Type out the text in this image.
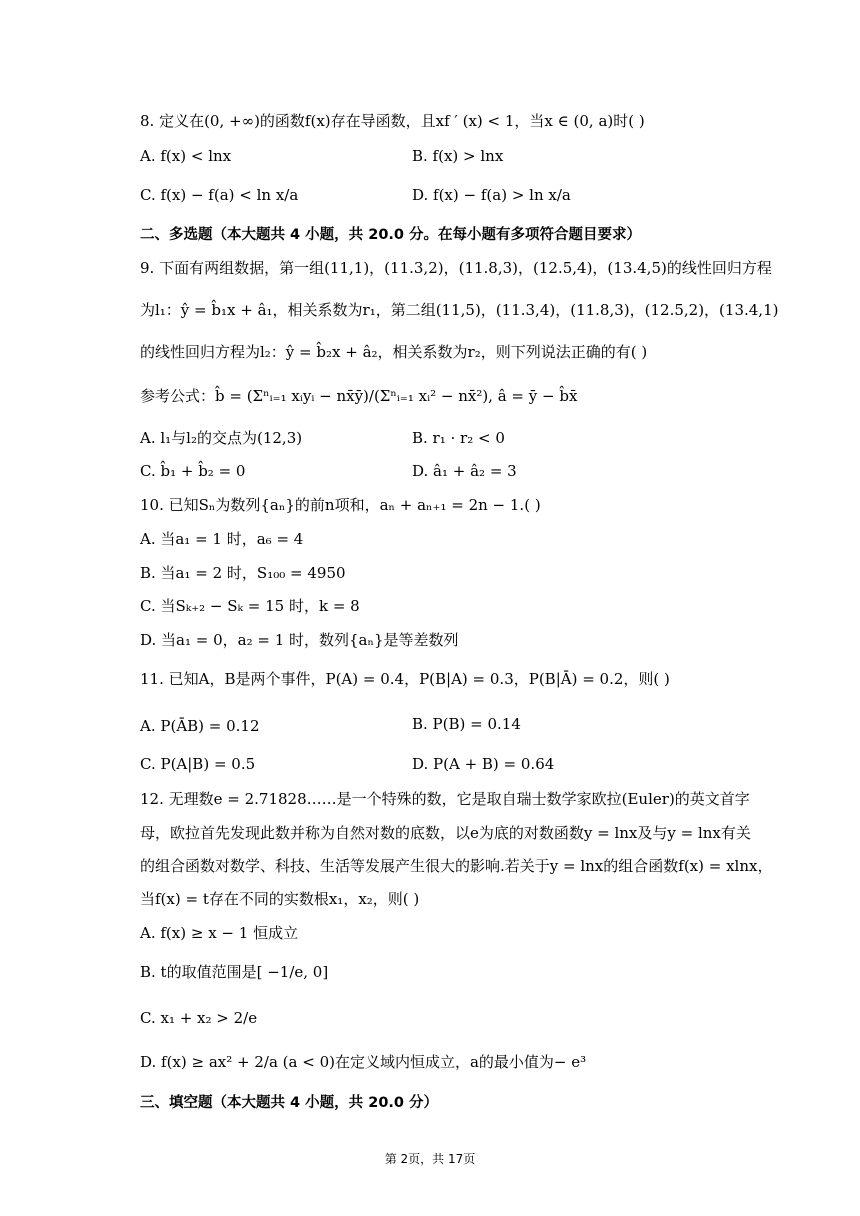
8. 定义在(0, +∞)的函数f(x)存在导函数，且xf ′ (x) < 1，当x ∈ (0, a)时( )
A. f(x) < lnx	B. f(x) > lnx
C. f(x) − f(a) < ln x/a	D. f(x) − f(a) > ln x/a
二、多选题（本大题共 4 小题，共 20.0 分。在每小题有多项符合题目要求）
9. 下面有两组数据，第一组(11,1)，(11.3,2)，(11.8,3)，(12.5,4)，(13.4,5)的线性回归方程
为l₁：ŷ = b̂₁x + â₁，相关系数为r₁，第二组(11,5)，(11.3,4)，(11.8,3)，(12.5,2)，(13.4,1)
的线性回归方程为l₂：ŷ = b̂₂x + â₂，相关系数为r₂，则下列说法正确的有( )
参考公式：b̂ = (Σⁿᵢ₌₁ xᵢyᵢ − nx̄ȳ)/(Σⁿᵢ₌₁ xᵢ² − nx̄²), â = ȳ − b̂x̄
A. l₁与l₂的交点为(12,3)	B. r₁ · r₂ < 0
C. b̂₁ + b̂₂ = 0	D. â₁ + â₂ = 3
10. 已知Sₙ为数列{aₙ}的前n项和，aₙ + aₙ₊₁ = 2n − 1.( )
A. 当a₁ = 1 时，a₆ = 4
B. 当a₁ = 2 时，S₁₀₀ = 4950
C. 当Sₖ₊₂ − Sₖ = 15 时，k = 8
D. 当a₁ = 0，a₂ = 1 时，数列{aₙ}是等差数列
11. 已知A，B是两个事件，P(A) = 0.4，P(B|A) = 0.3，P(B|Ā) = 0.2，则( )
A. P(ĀB) = 0.12	B. P(B) = 0.14
C. P(A|B) = 0.5	D. P(A + B) = 0.64
12. 无理数e = 2.71828……是一个特殊的数，它是取自瑞士数学家欧拉(Euler)的英文首字
母，欧拉首先发现此数并称为自然对数的底数，以e为底的对数函数y = lnx及与y = lnx有关
的组合函数对数学、科技、生活等发展产生很大的影响.若关于y = lnx的组合函数f(x) = xlnx，
当f(x) = t存在不同的实数根x₁，x₂，则( )
A. f(x) ≥ x − 1 恒成立
B. t的取值范围是[ −1/e, 0]
C. x₁ + x₂ > 2/e
D. f(x) ≥ ax² + 2/a (a < 0)在定义域内恒成立，a的最小值为− e³
三、填空题（本大题共 4 小题，共 20.0 分）
第 2页，共 17页
